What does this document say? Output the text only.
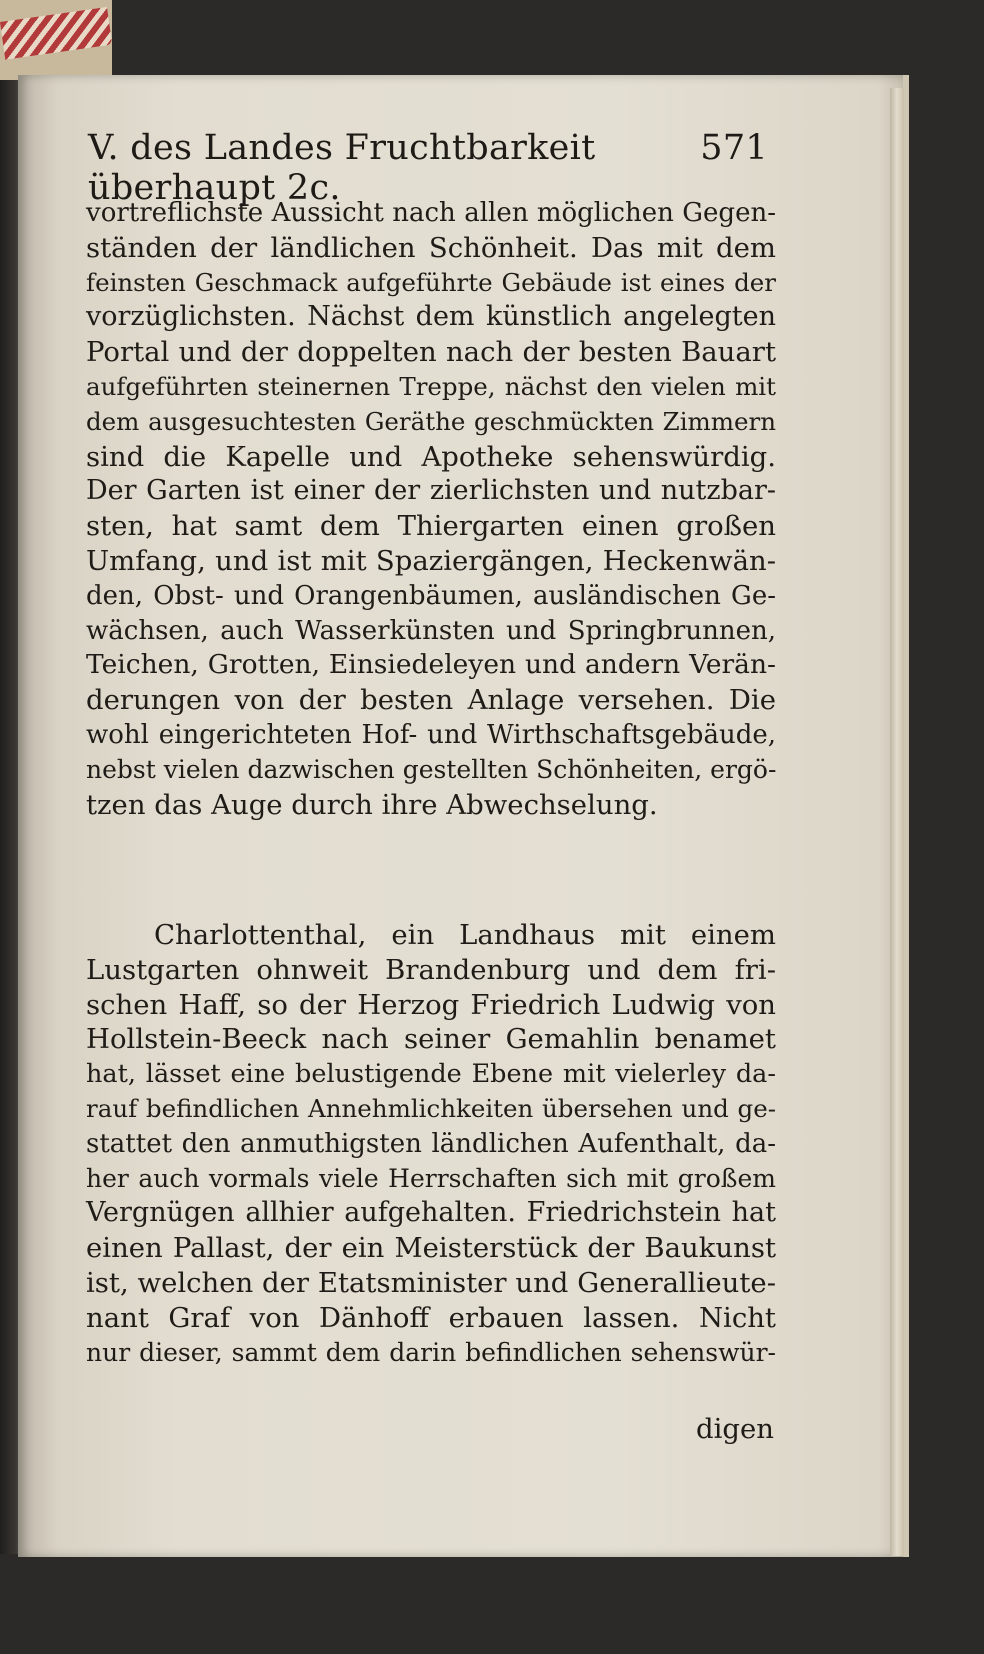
V. des Landes Fruchtbarkeit überhaupt 2c.
571
vortreflichste Aussicht nach allen möglichen Gegen-
ständen der ländlichen Schönheit. Das mit dem
feinsten Geschmack aufgeführte Gebäude ist eines der
vorzüglichsten. Nächst dem künstlich angelegten
Portal und der doppelten nach der besten Bauart
aufgeführten steinernen Treppe, nächst den vielen mit
dem ausgesuchtesten Geräthe geschmückten Zimmern
sind die Kapelle und Apotheke sehenswürdig.
Der Garten ist einer der zierlichsten und nutzbar-
sten, hat samt dem Thiergarten einen großen
Umfang, und ist mit Spaziergängen, Heckenwän-
den, Obst- und Orangenbäumen, ausländischen Ge-
wächsen, auch Wasserkünsten und Springbrunnen,
Teichen, Grotten, Einsiedeleyen und andern Verän-
derungen von der besten Anlage versehen. Die
wohl eingerichteten Hof- und Wirthschaftsgebäude,
nebst vielen dazwischen gestellten Schönheiten, ergö-
tzen das Auge durch ihre Abwechselung.
Charlottenthal, ein Landhaus mit einem
Lustgarten ohnweit Brandenburg und dem fri-
schen Haff, so der Herzog Friedrich Ludwig von
Hollstein-Beeck nach seiner Gemahlin benamet
hat, lässet eine belustigende Ebene mit vielerley da-
rauf befindlichen Annehmlichkeiten übersehen und ge-
stattet den anmuthigsten ländlichen Aufenthalt, da-
her auch vormals viele Herrschaften sich mit großem
Vergnügen allhier aufgehalten. Friedrichstein hat
einen Pallast, der ein Meisterstück der Baukunst
ist, welchen der Etatsminister und Generallieute-
nant Graf von Dänhoff erbauen lassen. Nicht
nur dieser, sammt dem darin befindlichen sehenswür-
digen
